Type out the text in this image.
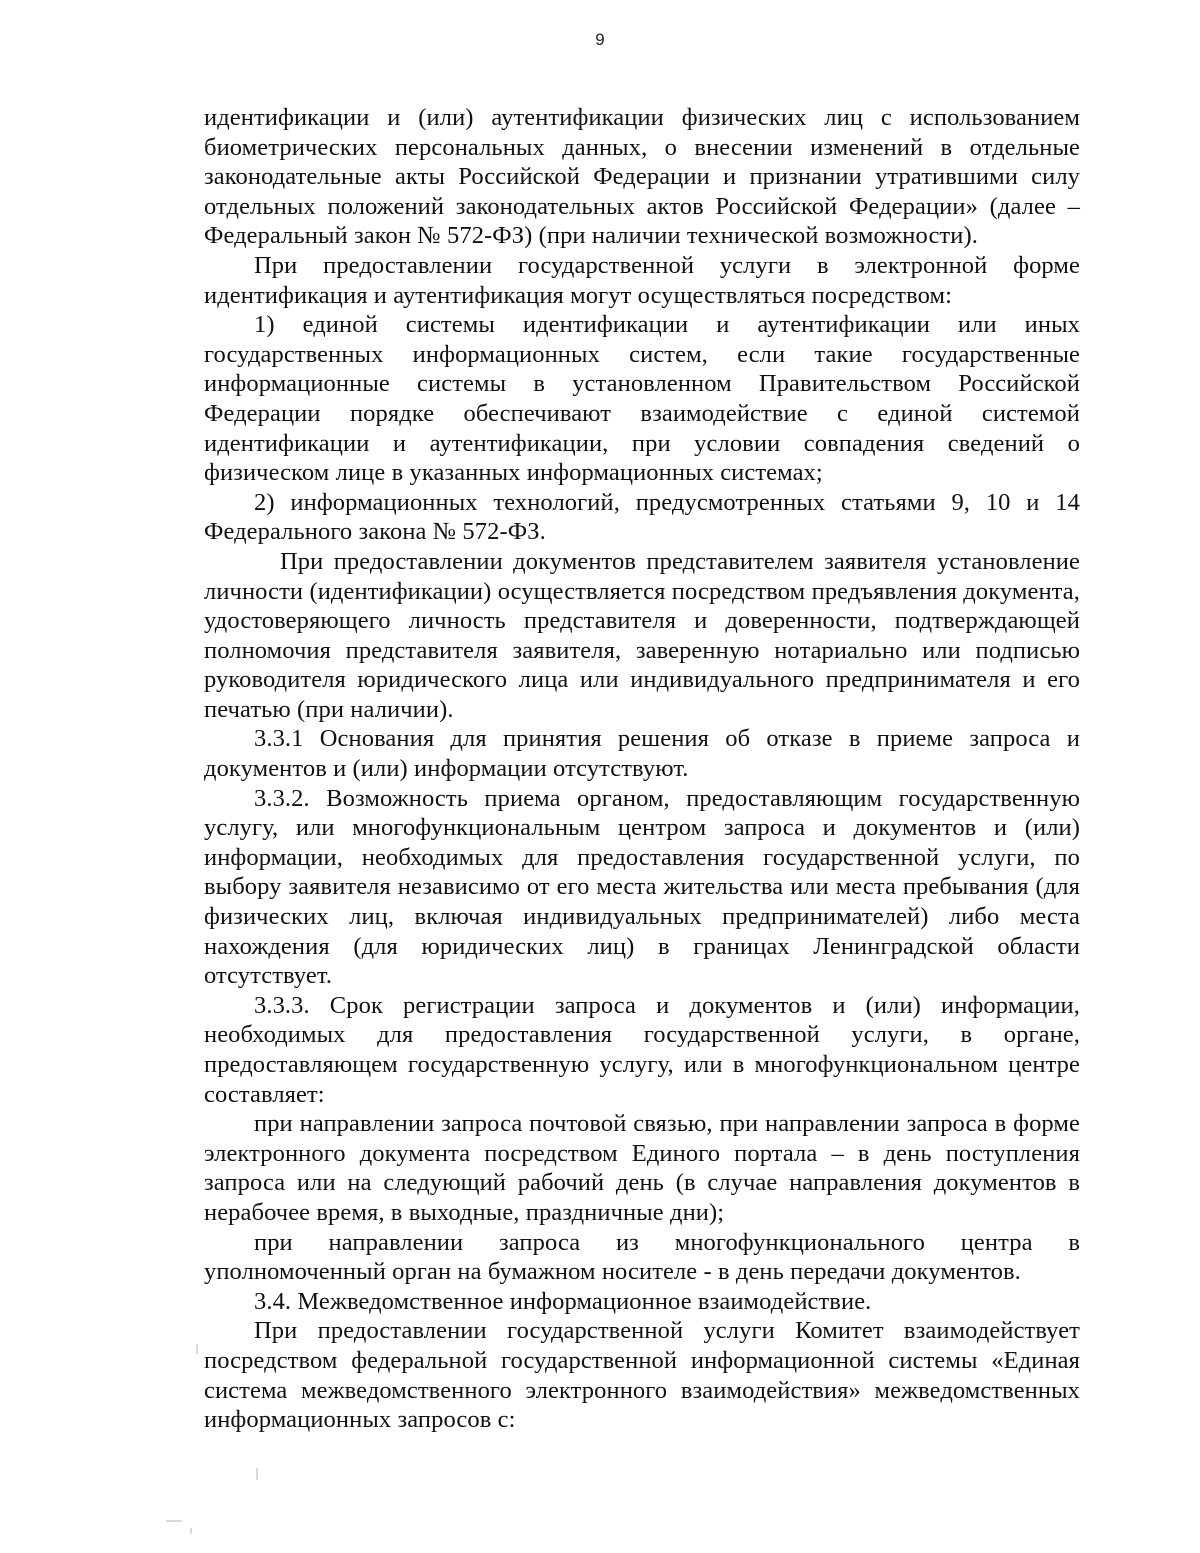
9

идентификации и (или) аутентификации физических лиц с использованием биометрических персональных данных, о внесении изменений в отдельные законодательные акты Российской Федерации и признании утратившими силу отдельных положений законодательных актов Российской Федерации» (далее – Федеральный закон № 572-ФЗ) (при наличии технической возможности).

При предоставлении государственной услуги в электронной форме идентификация и аутентификация могут осуществляться посредством:

1) единой системы идентификации и аутентификации или иных государственных информационных систем, если такие государственные информационные системы в установленном Правительством Российской Федерации порядке обеспечивают взаимодействие с единой системой идентификации и аутентификации, при условии совпадения сведений о физическом лице в указанных информационных системах;

2) информационных технологий, предусмотренных статьями 9, 10 и 14 Федерального закона № 572-ФЗ.

При предоставлении документов представителем заявителя установление личности (идентификации) осуществляется посредством предъявления документа, удостоверяющего личность представителя и доверенности, подтверждающей полномочия представителя заявителя, заверенную нотариально или подписью руководителя юридического лица или индивидуального предпринимателя и его печатью (при наличии).

3.3.1 Основания для принятия решения об отказе в приеме запроса и документов и (или) информации отсутствуют.

3.3.2. Возможность приема органом, предоставляющим государственную услугу, или многофункциональным центром запроса и документов и (или) информации, необходимых для предоставления государственной услуги, по выбору заявителя независимо от его места жительства или места пребывания (для физических лиц, включая индивидуальных предпринимателей) либо места нахождения (для юридических лиц) в границах Ленинградской области отсутствует.

3.3.3. Срок регистрации запроса и документов и (или) информации, необходимых для предоставления государственной услуги, в органе, предоставляющем государственную услугу, или в многофункциональном центре составляет:

при направлении запроса почтовой связью, при направлении запроса в форме электронного документа посредством Единого портала – в день поступления запроса или на следующий рабочий день (в случае направления документов в нерабочее время, в выходные, праздничные дни);

при направлении запроса из многофункционального центра в уполномоченный орган на бумажном носителе - в день передачи документов.

3.4. Межведомственное информационное взаимодействие.

При предоставлении государственной услуги Комитет взаимодействует посредством федеральной государственной информационной системы «Единая система межведомственного электронного взаимодействия» межведомственных информационных запросов с:
